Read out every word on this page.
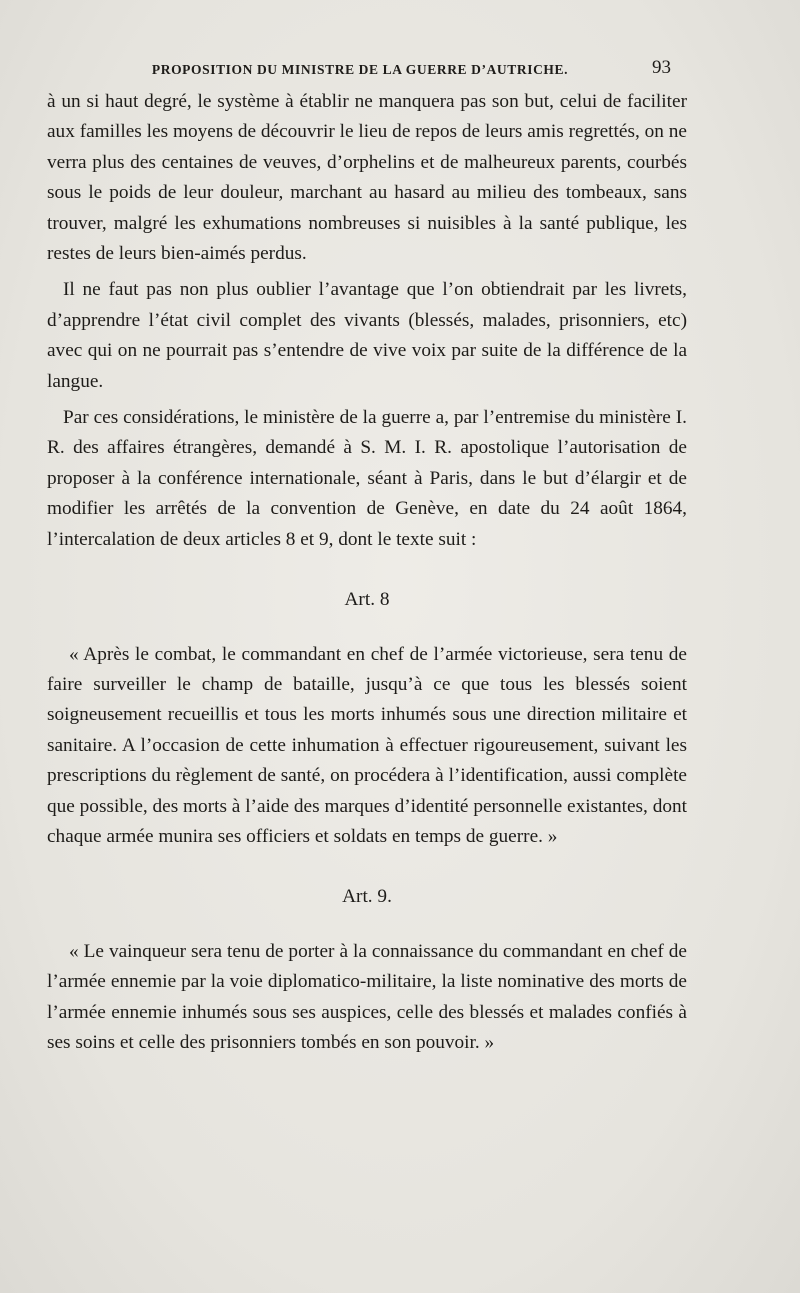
PROPOSITION DU MINISTRE DE LA GUERRE D’AUTRICHE.	93

à un si haut degré, le système à établir ne manquera pas son but, celui de faciliter aux familles les moyens de découvrir le lieu de repos de leurs amis regrettés, on ne verra plus des centaines de veuves, d’orphelins et de malheureux parents, courbés sous le poids de leur douleur, marchant au hasard au milieu des tombeaux, sans trouver, malgré les exhumations nombreuses si nuisibles à la santé publique, les restes de leurs bien-aimés perdus.

Il ne faut pas non plus oublier l’avantage que l’on obtiendrait par les livrets, d’apprendre l’état civil complet des vivants (blessés, malades, prisonniers, etc) avec qui on ne pourrait pas s’entendre de vive voix par suite de la différence de la langue.

Par ces considérations, le ministère de la guerre a, par l’entremise du ministère I. R. des affaires étrangères, demandé à S. M. I. R. apostolique l’autorisation de proposer à la conférence internationale, séant à Paris, dans le but d’élargir et de modifier les arrêtés de la convention de Genève, en date du 24 août 1864, l’intercalation de deux articles 8 et 9, dont le texte suit :

Art. 8

« Après le combat, le commandant en chef de l’armée victorieuse, sera tenu de faire surveiller le champ de bataille, jusqu’à ce que tous les blessés soient soigneusement recueillis et tous les morts inhumés sous une direction militaire et sanitaire. A l’occasion de cette inhumation à effectuer rigoureusement, suivant les prescriptions du règlement de santé, on procédera à l’identification, aussi complète que possible, des morts à l’aide des marques d’identité personnelle existantes, dont chaque armée munira ses officiers et soldats en temps de guerre. »

Art. 9.

« Le vainqueur sera tenu de porter à la connaissance du commandant en chef de l’armée ennemie par la voie diplomatico-militaire, la liste nominative des morts de l’armée ennemie inhumés sous ses auspices, celle des blessés et malades confiés à ses soins et celle des prisonniers tombés en son pouvoir. »
